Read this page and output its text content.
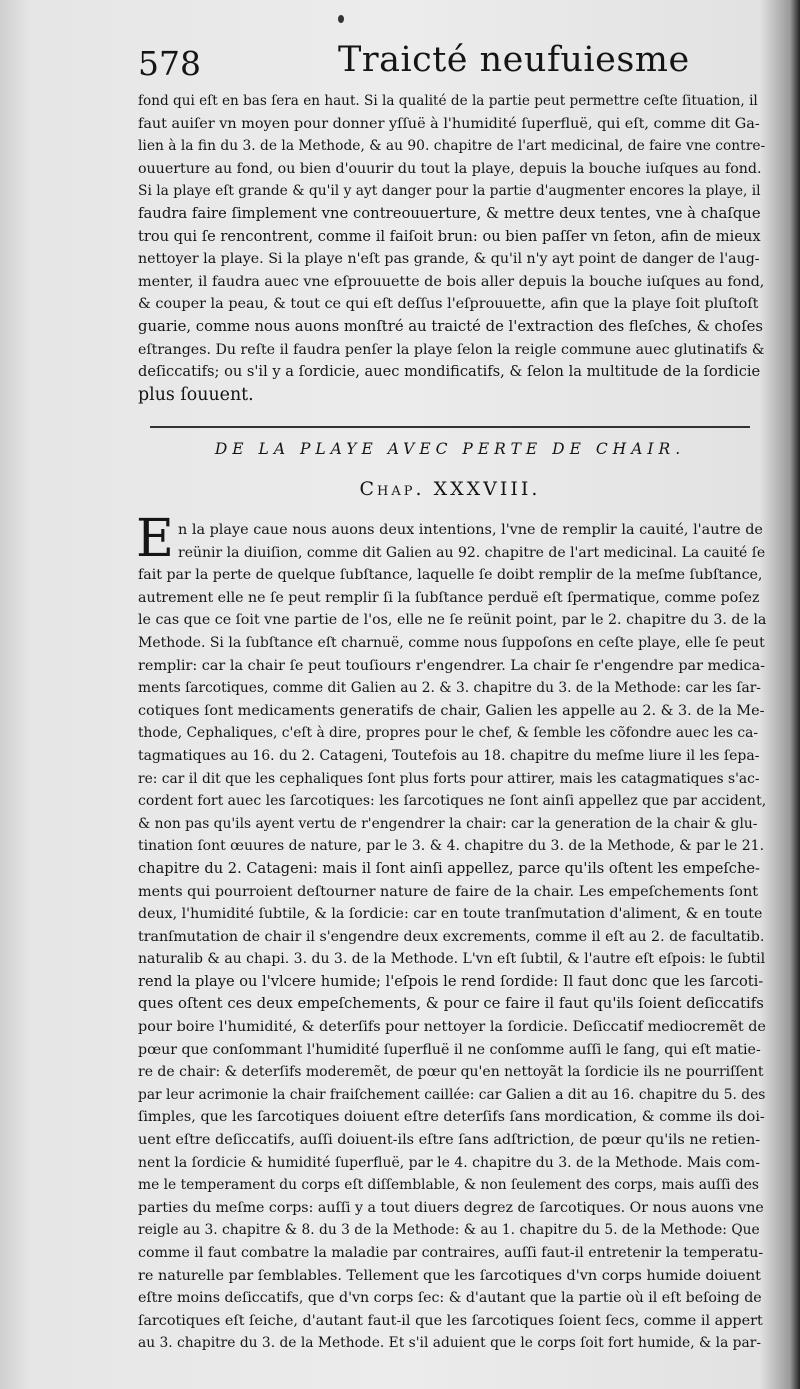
578	Traicté neufuiesme
fond qui eſt en bas ſera en haut. Si la qualité de la partie peut permettre ceſte ſituation, il
faut auiſer vn moyen pour donner yſſuë à l'humidité ſuperfluë, qui eſt, comme dit Ga-
lien à la fin du 3. de la Methode, & au 90. chapitre de l'art medicinal, de faire vne contre-
ouuerture au fond, ou bien d'ouurir du tout la playe, depuis la bouche iuſques au fond.
Si la playe eſt grande & qu'il y ayt danger pour la partie d'augmenter encores la playe, il
faudra faire ſimplement vne contreouuerture, & mettre deux tentes, vne à chaſque
trou qui ſe rencontrent, comme il faiſoit brun: ou bien paſſer vn ſeton, afin de mieux
nettoyer la playe. Si la playe n'eſt pas grande, & qu'il n'y ayt point de danger de l'aug-
menter, il faudra auec vne eſprouuette de bois aller depuis la bouche iuſques au fond,
& couper la peau, & tout ce qui eſt deſſus l'eſprouuette, afin que la playe ſoit pluſtoſt
guarie, comme nous auons monſtré au traicté de l'extraction des fleſches, & choſes
eſtranges. Du reſte il faudra penſer la playe ſelon la reigle commune auec glutinatifs &
deſiccatifs; ou s'il y a ſordicie, auec mondificatifs, & ſelon la multitude de la ſordicie
plus ſouuent.
DE LA PLAYE AVEC PERTE DE CHAIR.
Chap. XXXVIII.
E n la playe caue nous auons deux intentions, l'vne de remplir la cauité, l'autre de
reünir la diuiſion, comme dit Galien au 92. chapitre de l'art medicinal. La cauité ſe
fait par la perte de quelque ſubſtance, laquelle ſe doibt remplir de la meſme ſubſtance,
autrement elle ne ſe peut remplir ſi la ſubſtance perduë eſt ſpermatique, comme poſez
le cas que ce ſoit vne partie de l'os, elle ne ſe reünit point, par le 2. chapitre du 3. de la
Methode. Si la ſubſtance eſt charnuë, comme nous ſuppoſons en ceſte playe, elle ſe peut
remplir: car la chair ſe peut touſiours r'engendrer. La chair ſe r'engendre par medica-
ments ſarcotiques, comme dit Galien au 2. & 3. chapitre du 3. de la Methode: car les ſar-
cotiques ſont medicaments generatifs de chair, Galien les appelle au 2. & 3. de la Me-
thode, Cephaliques, c'eſt à dire, propres pour le chef, & ſemble les cõfondre auec les ca-
tagmatiques au 16. du 2. Catageni, Toutefois au 18. chapitre du meſme liure il les ſepa-
re: car il dit que les cephaliques ſont plus forts pour attirer, mais les catagmatiques s'ac-
cordent fort auec les ſarcotiques: les ſarcotiques ne ſont ainſi appellez que par accident,
& non pas qu'ils ayent vertu de r'engendrer la chair: car la generation de la chair & glu-
tination ſont œuures de nature, par le 3. & 4. chapitre du 3. de la Methode, & par le 21.
chapitre du 2. Catageni: mais il ſont ainſi appellez, parce qu'ils oſtent les empeſche-
ments qui pourroient deſtourner nature de faire de la chair. Les empeſchements ſont
deux, l'humidité ſubtile, & la ſordicie: car en toute tranſmutation d'aliment, & en toute
tranſmutation de chair il s'engendre deux excrements, comme il eſt au 2. de facultatib.
naturalib & au chapi. 3. du 3. de la Methode. L'vn eſt ſubtil, & l'autre eſt eſpois: le ſubtil
rend la playe ou l'vlcere humide; l'eſpois le rend ſordide: Il faut donc que les ſarcoti-
ques oſtent ces deux empeſchements, & pour ce faire il faut qu'ils ſoient deſiccatifs
pour boire l'humidité, & deterſifs pour nettoyer la ſordicie. Deſiccatif mediocremẽt de
pœur que conſommant l'humidité ſuperfluë il ne conſomme auſſi le ſang, qui eſt matie-
re de chair: & deterſifs moderemẽt, de pœur qu'en nettoyãt la ſordicie ils ne pourriſſent
par leur acrimonie la chair fraiſchement caillée: car Galien a dit au 16. chapitre du 5. des
ſimples, que les ſarcotiques doiuent eſtre deterſifs ſans mordication, & comme ils doi-
uent eſtre deſiccatifs, auſſi doiuent-ils eſtre ſans adſtriction, de pœur qu'ils ne retien-
nent la ſordicie & humidité ſuperfluë, par le 4. chapitre du 3. de la Methode. Mais com-
me le temperament du corps eſt diſſemblable, & non ſeulement des corps, mais auſſi des
parties du meſme corps: auſſi y a tout diuers degrez de ſarcotiques. Or nous auons vne
reigle au 3. chapitre & 8. du 3 de la Methode: & au 1. chapitre du 5. de la Methode: Que
comme il faut combatre la maladie par contraires, auſſi faut-il entretenir la temperatu-
re naturelle par ſemblables. Tellement que les ſarcotiques d'vn corps humide doiuent
eſtre moins deſiccatifs, que d'vn corps ſec: & d'autant que la partie où il eſt beſoing de
ſarcotiques eſt ſeiche, d'autant faut-il que les ſarcotiques ſoient ſecs, comme il appert
au 3. chapitre du 3. de la Methode. Et s'il aduient que le corps ſoit fort humide, & la par-
